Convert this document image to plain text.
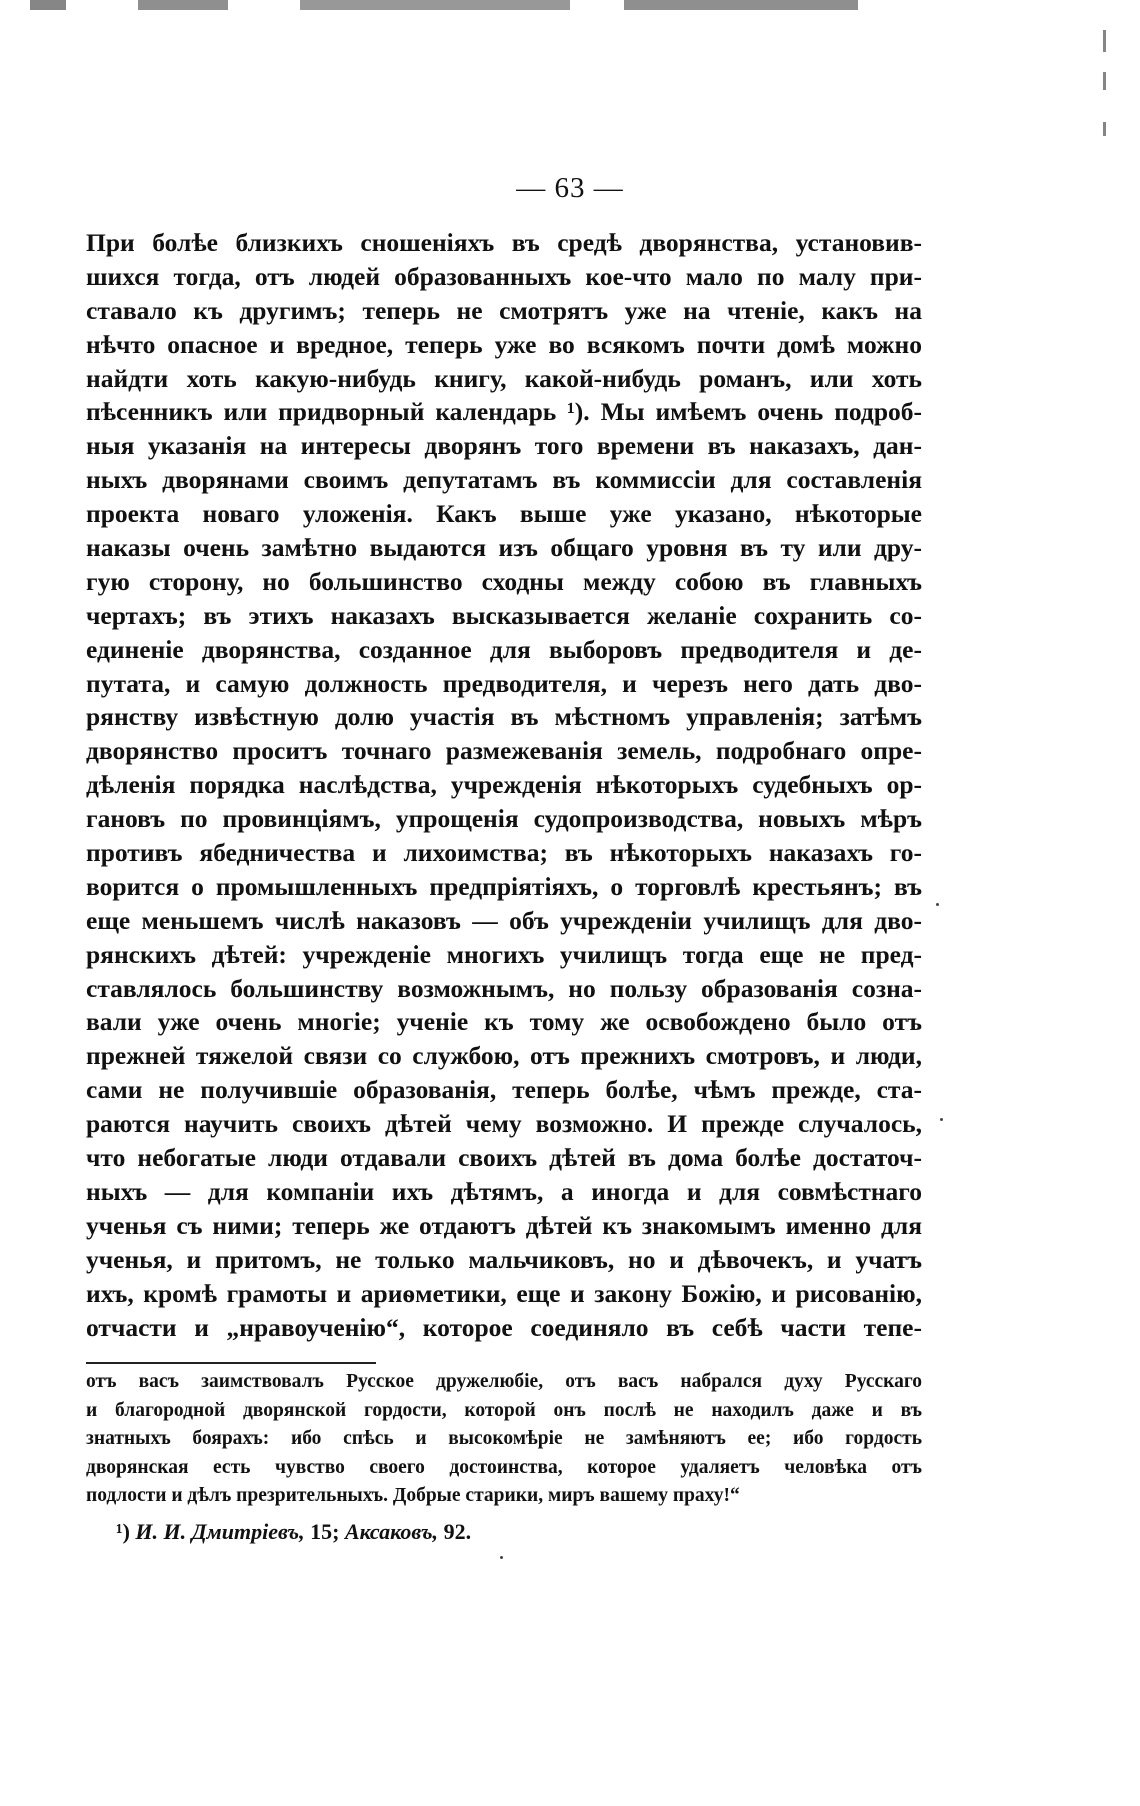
— 63 —
При болѣе близкихъ сношеніяхъ въ средѣ дворянства, установив-
шихся тогда, отъ людей образованныхъ кое-что мало по малу при-
ставало къ другимъ; теперь не смотрятъ уже на чтеніе, какъ на
нѣчто опасное и вредное, теперь уже во всякомъ почти домѣ можно
найдти хоть какую-нибудь книгу, какой-нибудь романъ, или хоть
пѣсенникъ или придворный календарь ¹). Мы имѣемъ очень подроб-
ныя указанія на интересы дворянъ того времени въ наказахъ, дан-
ныхъ дворянами своимъ депутатамъ въ коммиссіи для составленія
проекта новаго уложенія. Какъ выше уже указано, нѣкоторые
наказы очень замѣтно выдаются изъ общаго уровня въ ту или дру-
гую сторону, но большинство сходны между собою въ главныхъ
чертахъ; въ этихъ наказахъ высказывается желаніе сохранить со-
единеніе дворянства, созданное для выборовъ предводителя и де-
путата, и самую должность предводителя, и черезъ него дать дво-
рянству извѣстную долю участія въ мѣстномъ управленія; затѣмъ
дворянство проситъ точнаго размежеванія земель, подробнаго опре-
дѣленія порядка наслѣдства, учрежденія нѣкоторыхъ судебныхъ ор-
гановъ по провинціямъ, упрощенія судопроизводства, новыхъ мѣръ
противъ ябедничества и лихоимства; въ нѣкоторыхъ наказахъ го-
ворится о промышленныхъ предпріятіяхъ, о торговлѣ крестьянъ; въ
еще меньшемъ числѣ наказовъ — объ учрежденіи училищъ для дво-
рянскихъ дѣтей: учрежденіе многихъ училищъ тогда еще не пред-
ставлялось большинству возможнымъ, но пользу образованія созна-
вали уже очень многіе; ученіе къ тому же освобождено было отъ
прежней тяжелой связи со службою, отъ прежнихъ смотровъ, и люди,
сами не получившіе образованія, теперь болѣе, чѣмъ прежде, ста-
раются научить своихъ дѣтей чему возможно. И прежде случалось,
что небогатые люди отдавали своихъ дѣтей въ дома болѣе достаточ-
ныхъ — для компаніи ихъ дѣтямъ, а иногда и для совмѣстнаго
ученья съ ними; теперь же отдаютъ дѣтей къ знакомымъ именно для
ученья, и притомъ, не только мальчиковъ, но и дѣвочекъ, и учатъ
ихъ, кромѣ грамоты и ариѳметики, еще и закону Божію, и рисованію,
отчасти и „нравоученію“, которое соединяло въ себѣ части тепе-
отъ васъ заимствовалъ Русское дружелюбіе, отъ васъ набрался духу Русскаго
и благородной дворянской гордости, которой онъ послѣ не находилъ даже и въ
знатныхъ боярахъ: ибо спѣсь и высокомѣріе не замѣняютъ ее; ибо гордость
дворянская есть чувство своего достоинства, которое удаляетъ человѣка отъ
подлости и дѣлъ презрительныхъ. Добрые старики, миръ вашему праху!“
¹) И. И. Дмитріевъ, 15; Аксаковъ, 92.
